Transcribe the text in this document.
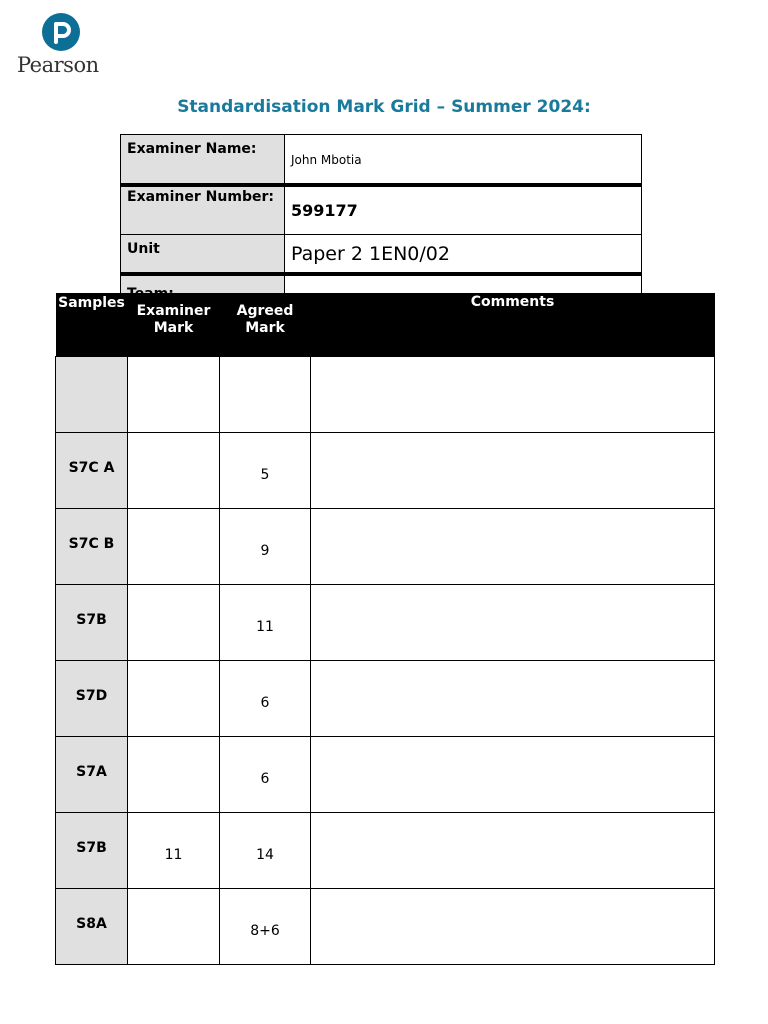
Pearson
Standardisation Mark Grid – Summer 2024:
Examiner Name:	John Mbotia
Examiner Number:	599177
Unit	Paper 2 1EN0/02

Samples	Examiner Mark	Agreed Mark	Comments

S7C A		5	
S7C B		9	
S7B		11	
S7D		6	
S7A		6	
S7B	11	14	
S8A		8+6	
